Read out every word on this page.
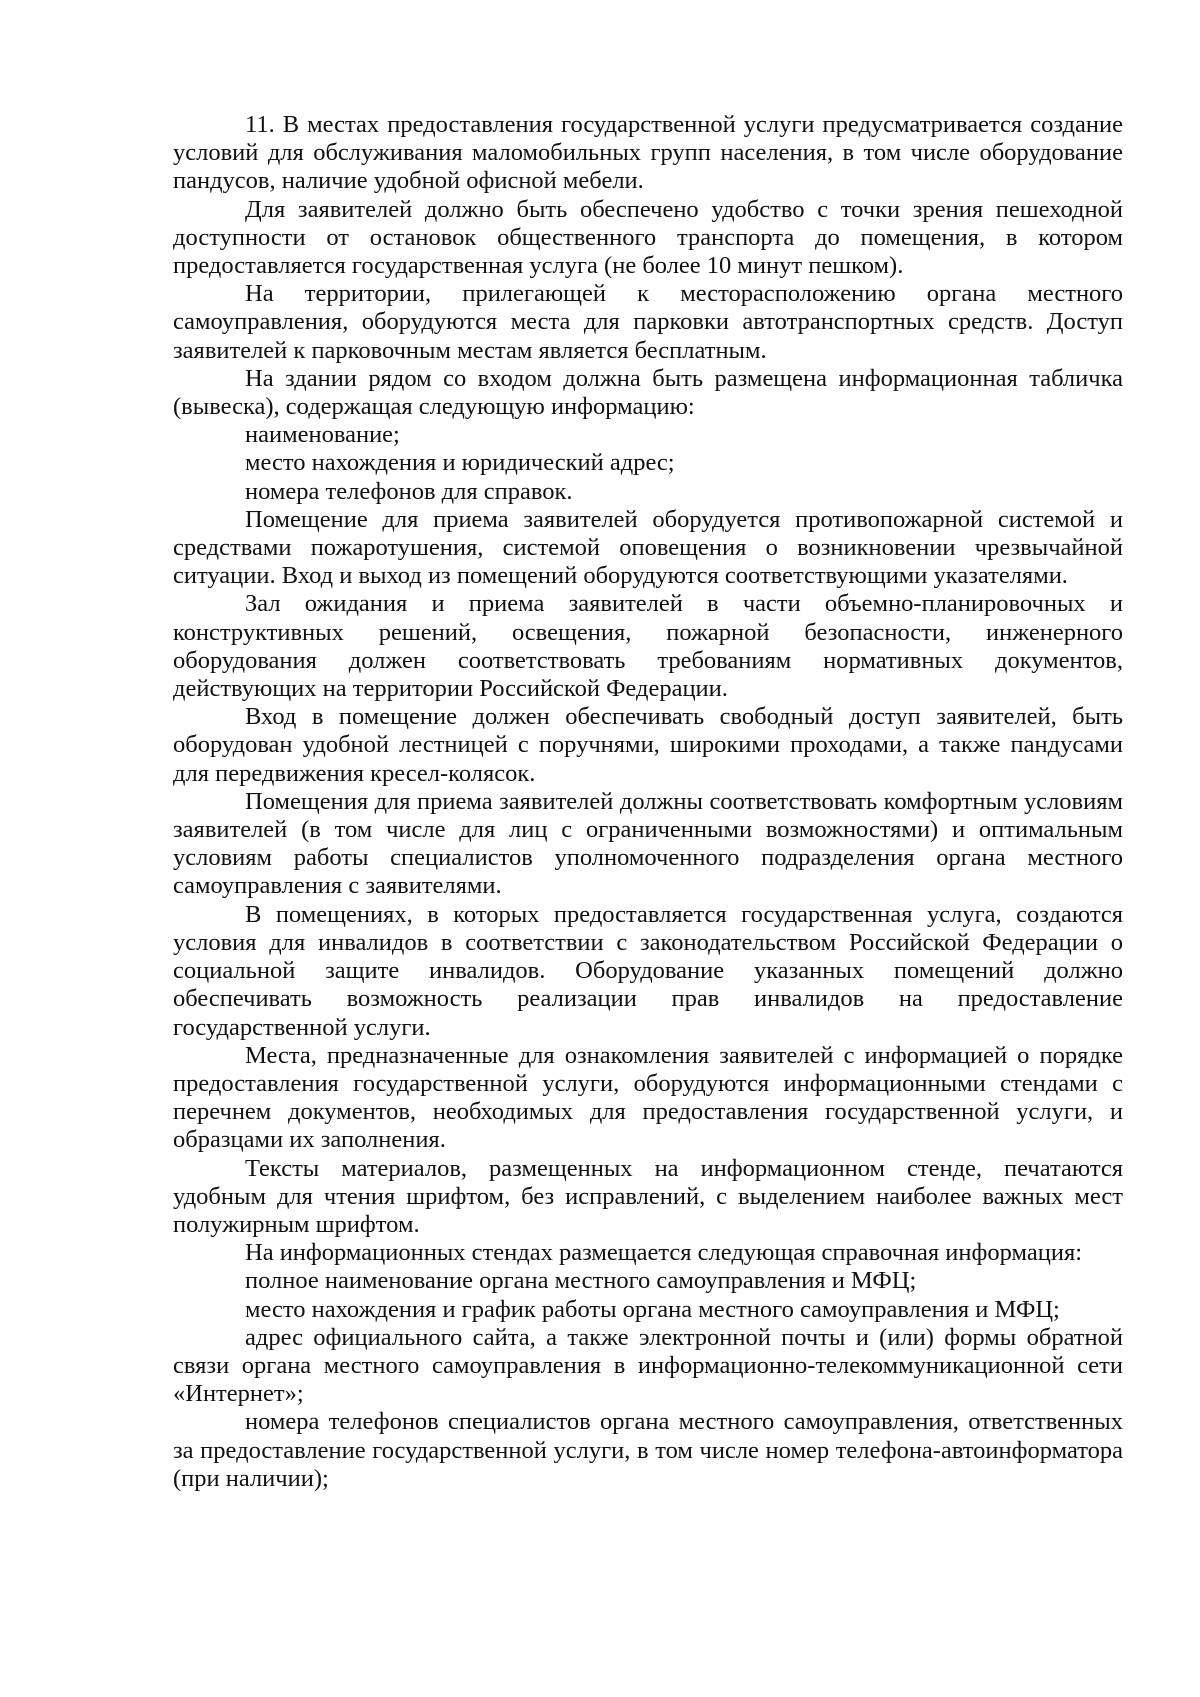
11. В местах предоставления государственной услуги предусматривается создание условий для обслуживания маломобильных групп населения, в том числе оборудование пандусов, наличие удобной офисной мебели.

Для заявителей должно быть обеспечено удобство с точки зрения пешеходной доступности от остановок общественного транспорта до помещения, в котором предоставляется государственная услуга (не более 10 минут пешком).

На территории, прилегающей к месторасположению органа местного самоуправления, оборудуются места для парковки автотранспортных средств. Доступ заявителей к парковочным местам является бесплатным.

На здании рядом со входом должна быть размещена информационная табличка (вывеска), содержащая следующую информацию:

наименование;

место нахождения и юридический адрес;

номера телефонов для справок.

Помещение для приема заявителей оборудуется противопожарной системой и средствами пожаротушения, системой оповещения о возникновении чрезвычайной ситуации. Вход и выход из помещений оборудуются соответствующими указателями.

Зал ожидания и приема заявителей в части объемно-планировочных и конструктивных решений, освещения, пожарной безопасности, инженерного оборудования должен соответствовать требованиям нормативных документов, действующих на территории Российской Федерации.

Вход в помещение должен обеспечивать свободный доступ заявителей, быть оборудован удобной лестницей с поручнями, широкими проходами, а также пандусами для передвижения кресел-колясок.

Помещения для приема заявителей должны соответствовать комфортным условиям заявителей (в том числе для лиц с ограниченными возможностями) и оптимальным условиям работы специалистов уполномоченного подразделения органа местного самоуправления с заявителями.

В помещениях, в которых предоставляется государственная услуга, создаются условия для инвалидов в соответствии с законодательством Российской Федерации о социальной защите инвалидов. Оборудование указанных помещений должно обеспечивать возможность реализации прав инвалидов на предоставление государственной услуги.

Места, предназначенные для ознакомления заявителей с информацией о порядке предоставления государственной услуги, оборудуются информационными стендами с перечнем документов, необходимых для предоставления государственной услуги, и образцами их заполнения.

Тексты материалов, размещенных на информационном стенде, печатаются удобным для чтения шрифтом, без исправлений, с выделением наиболее важных мест полужирным шрифтом.

На информационных стендах размещается следующая справочная информация:

полное наименование органа местного самоуправления и МФЦ;

место нахождения и график работы органа местного самоуправления и МФЦ;

адрес официального сайта, а также электронной почты и (или) формы обратной связи органа местного самоуправления в информационно-телекоммуникационной сети «Интернет»;

номера телефонов специалистов органа местного самоуправления, ответственных за предоставление государственной услуги, в том числе номер телефона-автоинформатора (при наличии);
